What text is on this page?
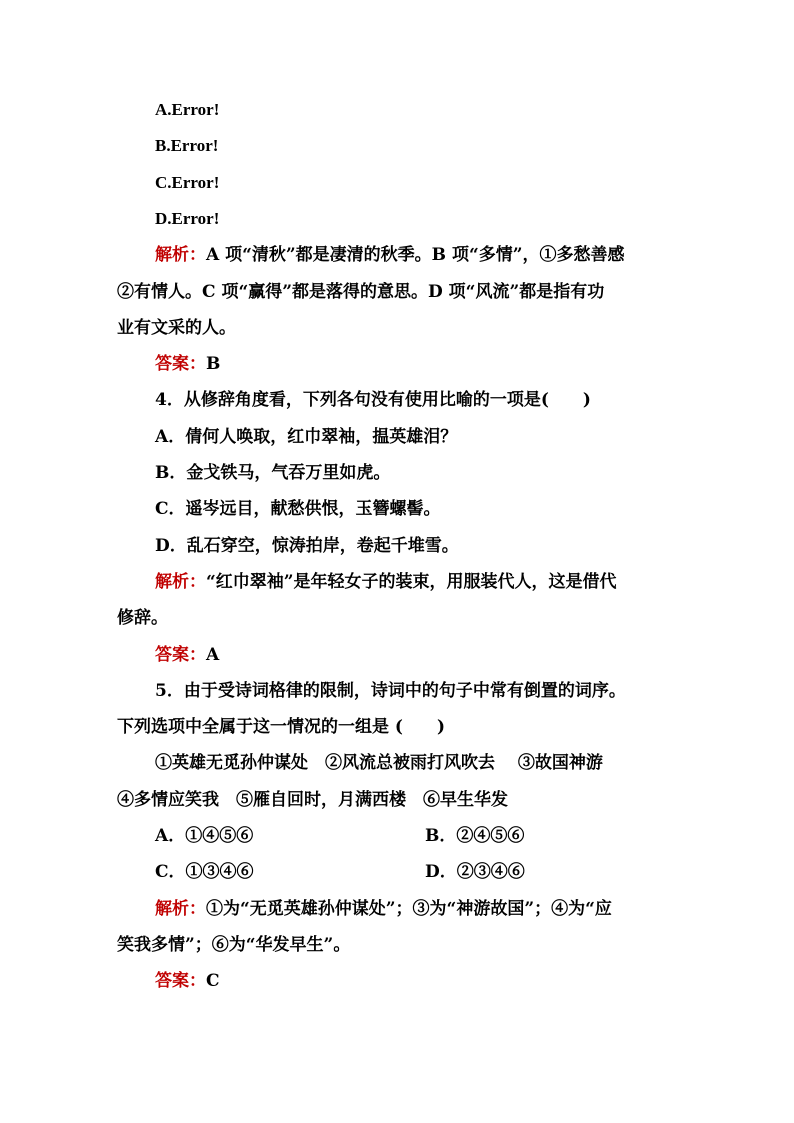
A.Error!
B.Error!
C.Error!
D.Error!
解析：A 项“清秋”都是凄清的秋季。B 项“多情”，①多愁善感
②有情人。C 项“赢得”都是落得的意思。D 项“风流”都是指有功
业有文采的人。
答案：B
4．从修辞角度看，下列各句没有使用比喻的一项是(　　)
A．倩何人唤取，红巾翠袖，揾英雄泪？
B．金戈铁马，气吞万里如虎。
C．遥岑远目，献愁供恨，玉簪螺髻。
D．乱石穿空，惊涛拍岸，卷起千堆雪。
解析：“红巾翠袖”是年轻女子的装束，用服装代人，这是借代
修辞。
答案：A
5．由于受诗词格律的限制，诗词中的句子中常有倒置的词序。
下列选项中全属于这一情况的一组是 (　　)
①英雄无觅孙仲谋处　②风流总被雨打风吹去　 ③故国神游
④多情应笑我　⑤雁自回时，月满西楼　⑥早生华发
A．①④⑤⑥	B．②④⑤⑥
C．①③④⑥	D．②③④⑥
解析：①为“无觅英雄孙仲谋处”；③为“神游故国”；④为“应
笑我多情”；⑥为“华发早生”。
答案：C
